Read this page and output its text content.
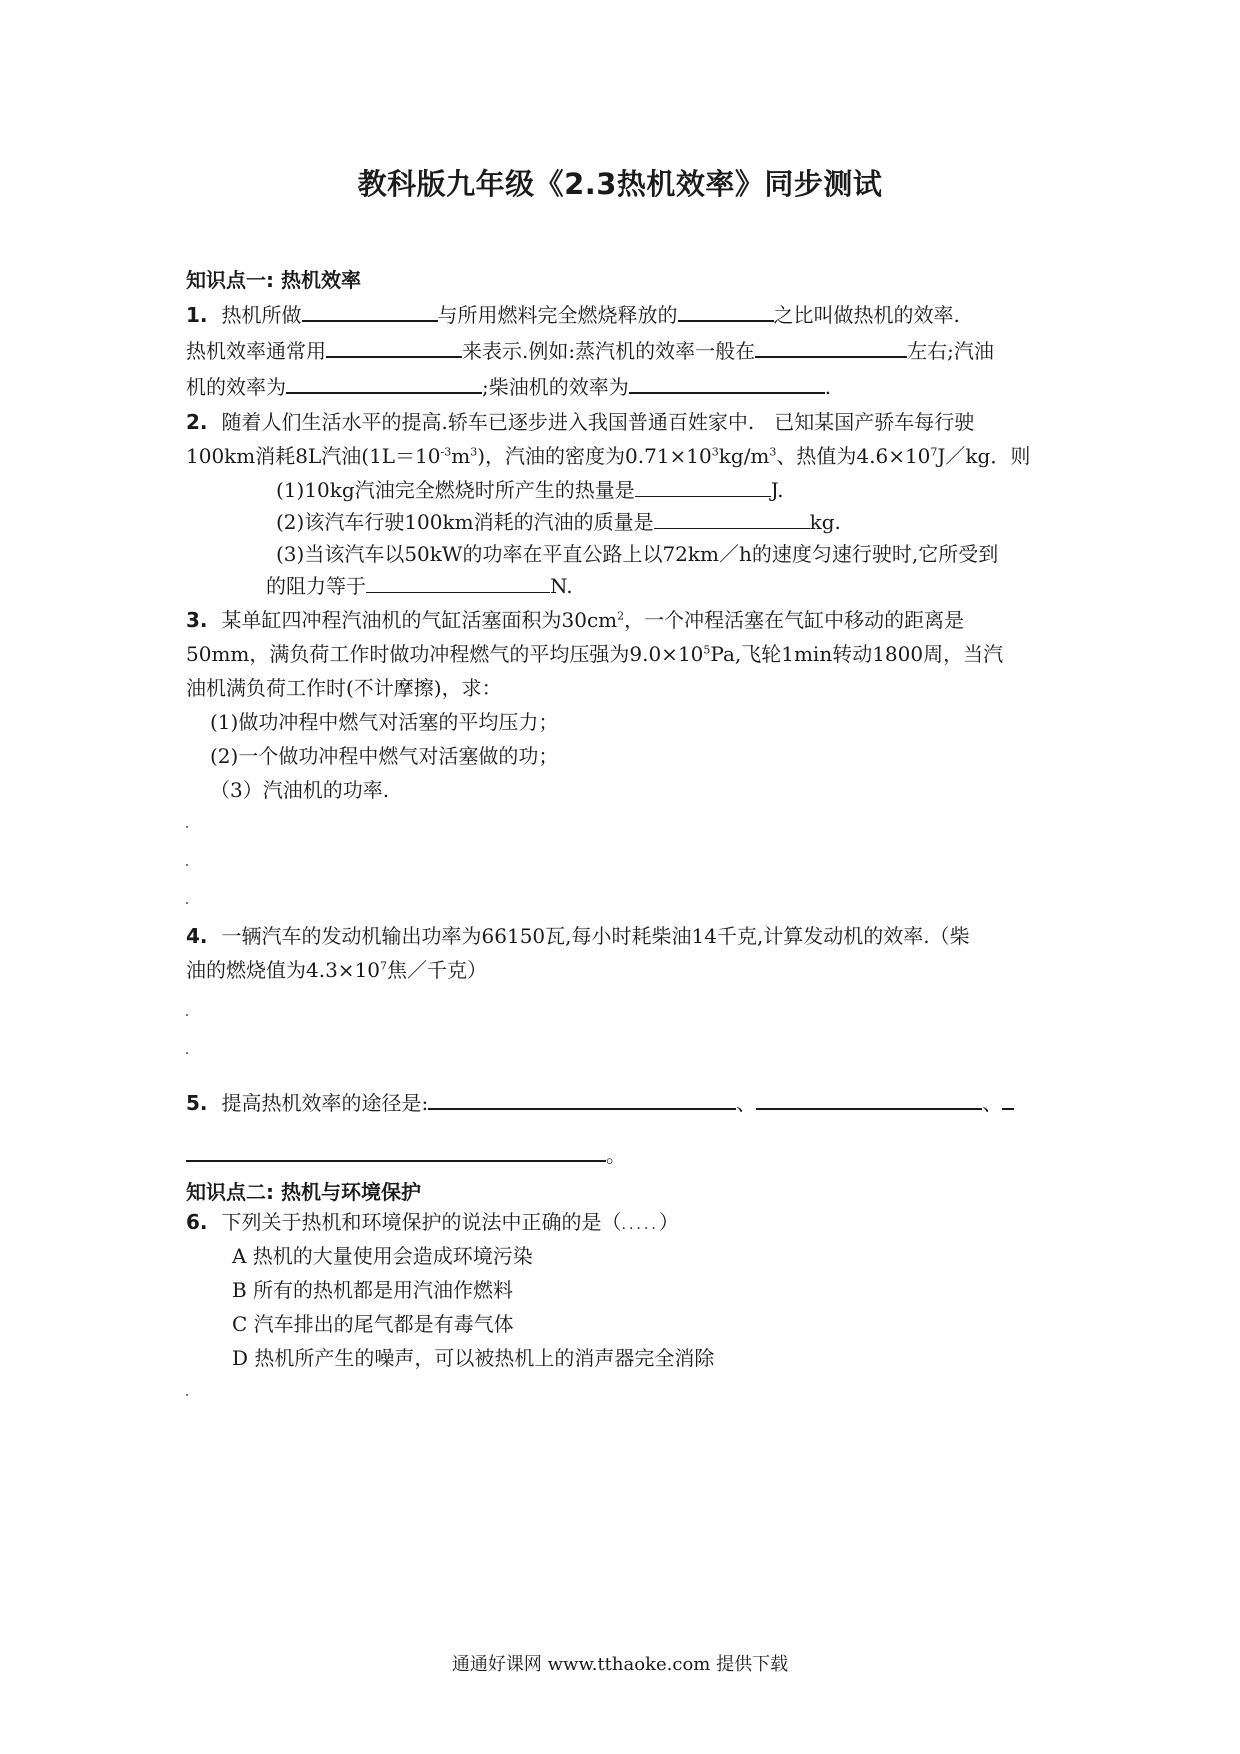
教科版九年级《2.3热机效率》同步测试
知识点一: 热机效率
1. 热机所做	与所用燃料完全燃烧释放的	之比叫做热机的效率.
热机效率通常用	来表示.例如:蒸汽机的效率一般在	左右;汽油
机的效率为	;柴油机的效率为	.
2. 随着人们生活水平的提高.轿车已逐步进入我国普通百姓家中.　已知某国产骄车每行驶
100km消耗8L汽油$(1L=10^{-3}m^3)$，汽油的密度为$0.71\times 10^3kg/m^3$、热值为$4.6\times 10^7J/kg$．则
(1)10kg汽油完全燃烧时所产生的热量是	J.
(2)该汽车行驶100km消耗的汽油的质量是	kg.
(3)当该汽车以50kW的功率在平直公路上以72km／h的速度匀速行驶时,它所受到
的阻力等于	N.
3. 某单缸四冲程汽油机的气缸活塞面积为$30cm^2$，一个冲程活塞在气缸中移动的距离是
50mm，满负荷工作时做功冲程燃气的平均压强为$9.0\times 10^5Pa$,飞轮1min转动1800周，当汽
油机满负荷工作时(不计摩擦)，求：
(1)做功冲程中燃气对活塞的平均压力；
(2)一个做功冲程中燃气对活塞做的功；
（3）汽油机的功率.
4. 一辆汽车的发动机输出功率为66150瓦,每小时耗柴油14千克,计算发动机的效率.（柴
油的燃烧值为$4.3\times 10^7$焦／千克）
5. 提高热机效率的途径是:	、	、
。
知识点二: 热机与环境保护
6. 下列关于热机和环境保护的说法中正确的是（.....）
A 热机的大量使用会造成环境污染
B 所有的热机都是用汽油作燃料
C 汽车排出的尾气都是有毒气体
D 热机所产生的噪声，可以被热机上的消声器完全消除
通通好课网 www.tthaoke.com 提供下载
